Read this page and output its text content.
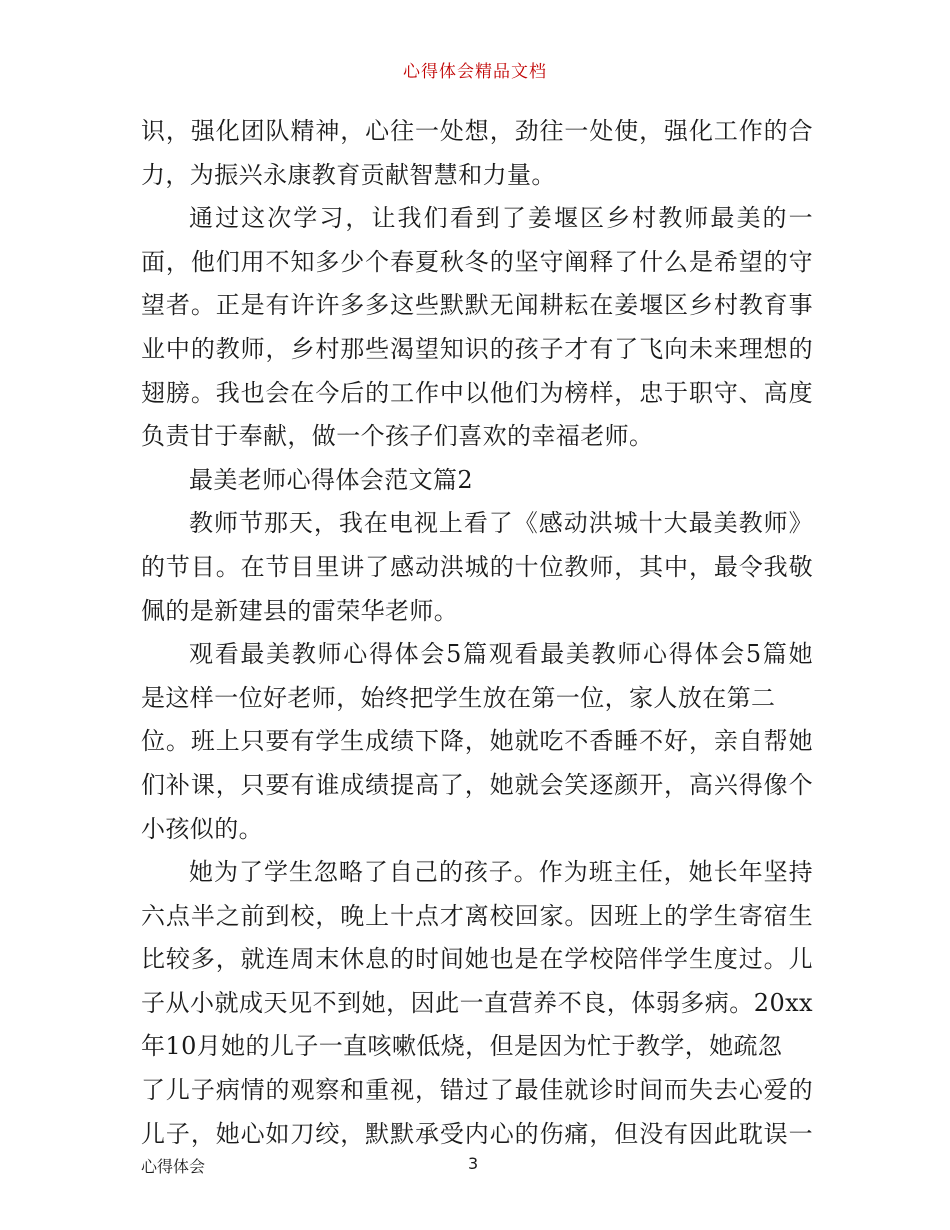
心得体会精品文档
识，强化团队精神，心往一处想，劲往一处使，强化工作的合
力，为振兴永康教育贡献智慧和力量。
通过这次学习，让我们看到了姜堰区乡村教师最美的一
面，他们用不知多少个春夏秋冬的坚守阐释了什么是希望的守
望者。正是有许许多多这些默默无闻耕耘在姜堰区乡村教育事
业中的教师，乡村那些渴望知识的孩子才有了飞向未来理想的
翅膀。我也会在今后的工作中以他们为榜样，忠于职守、高度
负责甘于奉献，做一个孩子们喜欢的幸福老师。
最美老师心得体会范文篇2
教师节那天，我在电视上看了《感动洪城十大最美教师》
的节目。在节目里讲了感动洪城的十位教师，其中，最令我敬
佩的是新建县的雷荣华老师。
观看最美教师心得体会5篇观看最美教师心得体会5篇她
是这样一位好老师，始终把学生放在第一位，家人放在第二
位。班上只要有学生成绩下降，她就吃不香睡不好，亲自帮她
们补课，只要有谁成绩提高了，她就会笑逐颜开，高兴得像个
小孩似的。
她为了学生忽略了自己的孩子。作为班主任，她长年坚持
六点半之前到校，晚上十点才离校回家。因班上的学生寄宿生
比较多，就连周末休息的时间她也是在学校陪伴学生度过。儿
子从小就成天见不到她，因此一直营养不良，体弱多病。20xx
年10月她的儿子一直咳嗽低烧，但是因为忙于教学，她疏忽
了儿子病情的观察和重视，错过了最佳就诊时间而失去心爱的
儿子，她心如刀绞，默默承受内心的伤痛，但没有因此耽误一
心得体会	3
